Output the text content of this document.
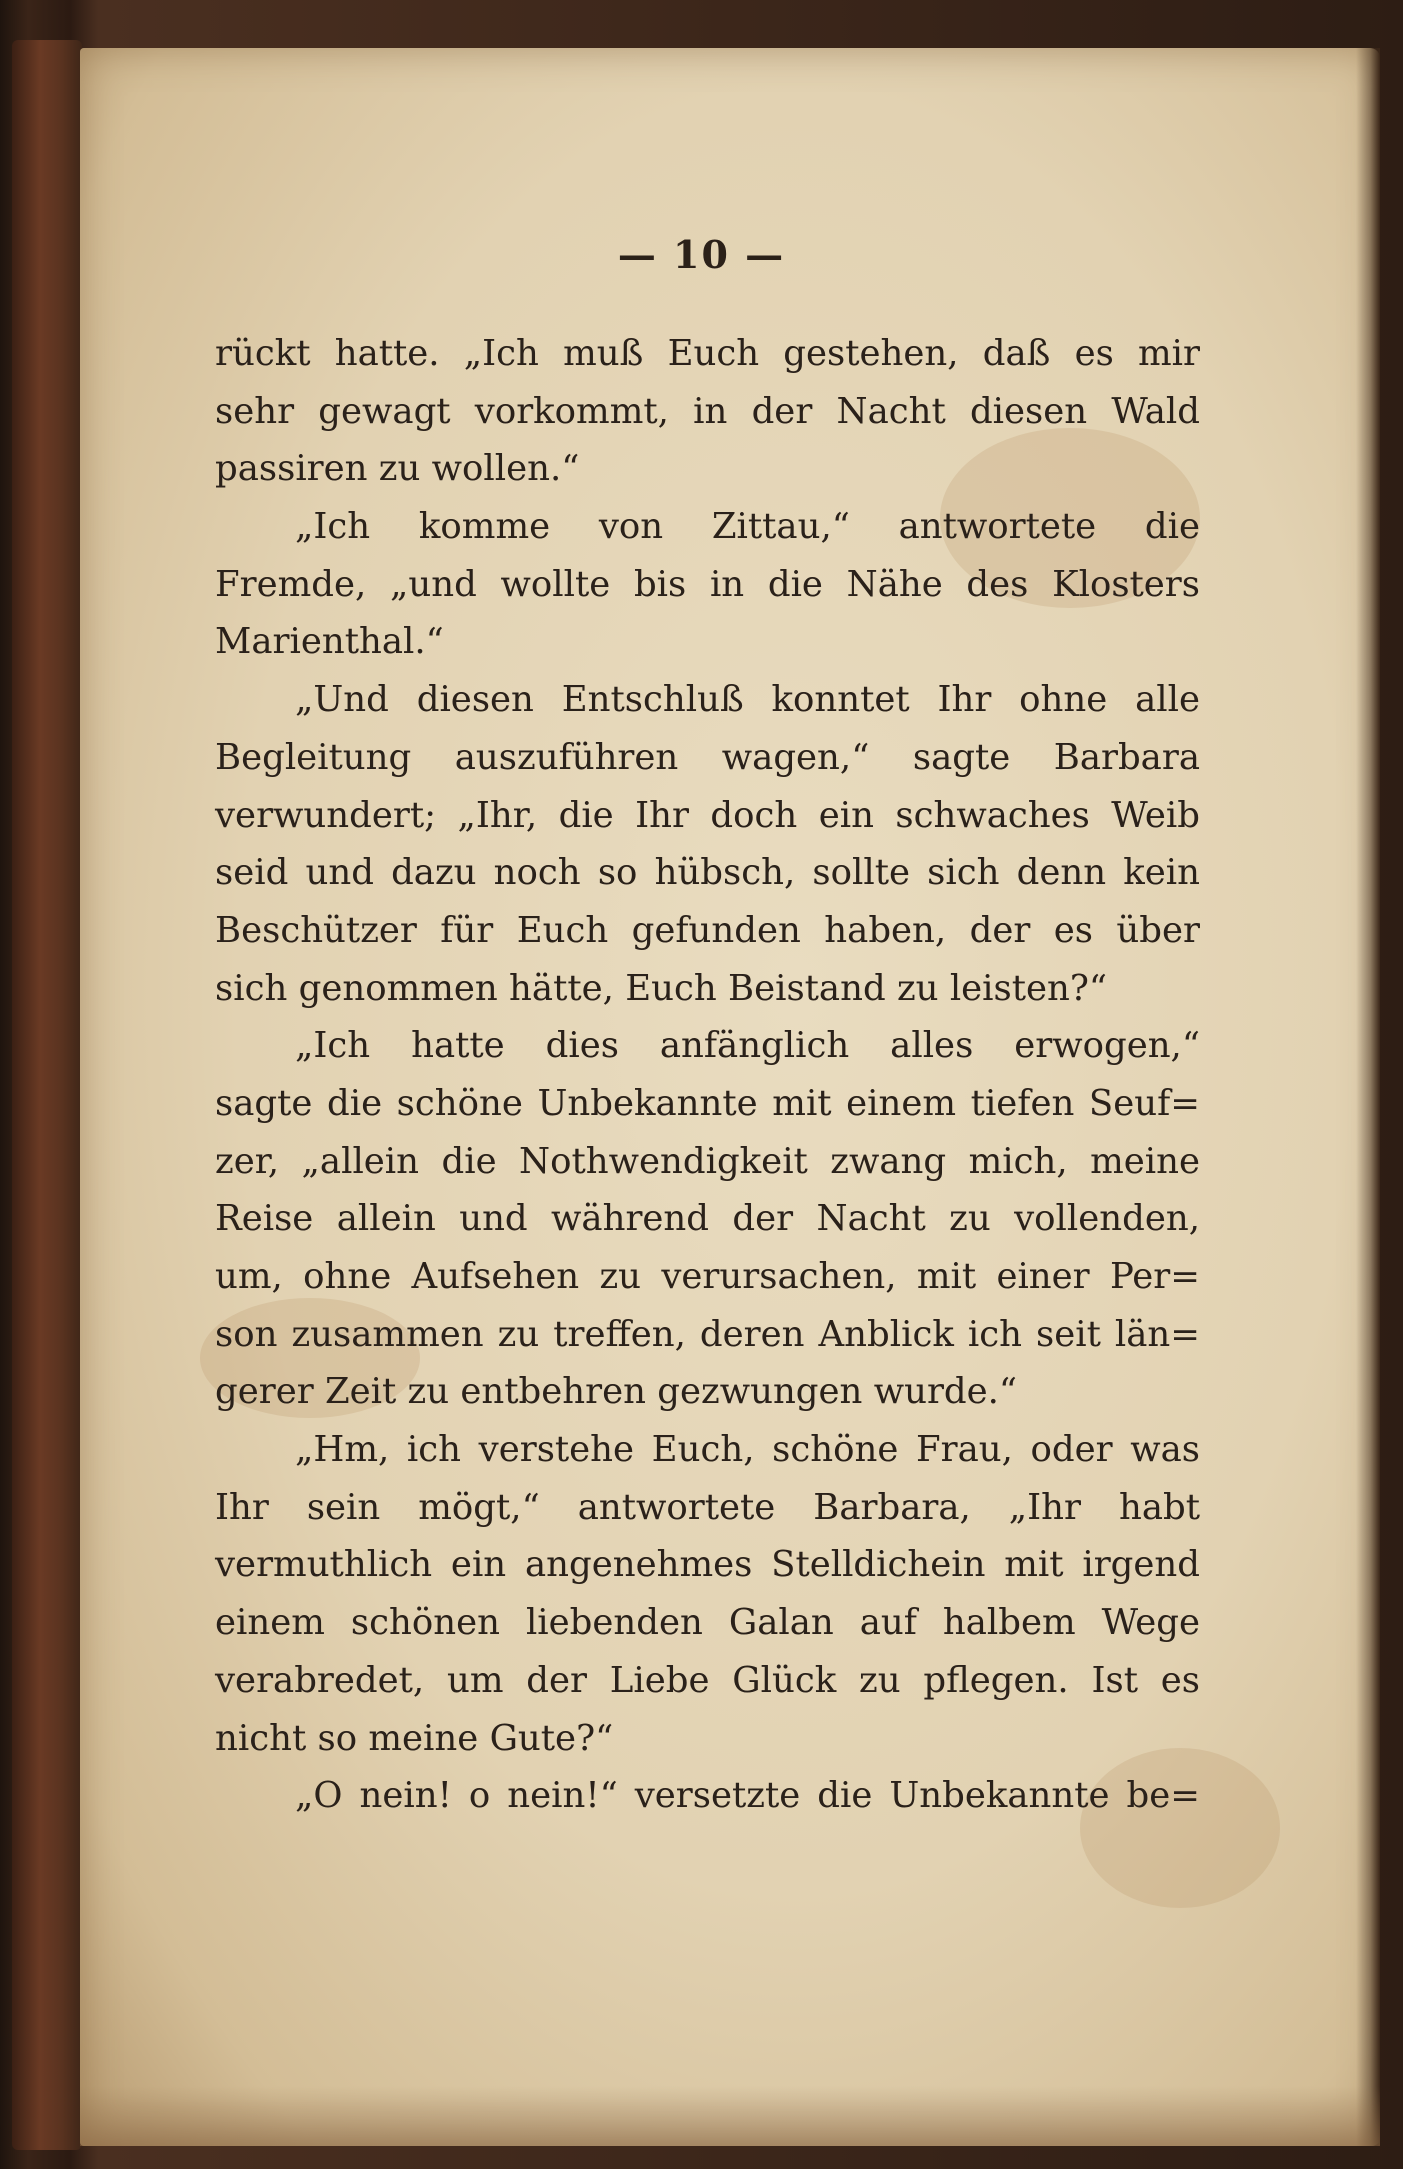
— 10 —
rückt hatte. „Ich muß Euch gestehen, daß es mir
sehr gewagt vorkommt, in der Nacht diesen Wald
passiren zu wollen.“
„Ich komme von Zittau,“ antwortete die
Fremde, „und wollte bis in die Nähe des Klosters
Marienthal.“
„Und diesen Entschluß konntet Ihr ohne alle
Begleitung auszuführen wagen,“ sagte Barbara
verwundert; „Ihr, die Ihr doch ein schwaches Weib
seid und dazu noch so hübsch, sollte sich denn kein
Beschützer für Euch gefunden haben, der es über
sich genommen hätte, Euch Beistand zu leisten?“
„Ich hatte dies anfänglich alles erwogen,“
sagte die schöne Unbekannte mit einem tiefen Seuf=
zer, „allein die Nothwendigkeit zwang mich, meine
Reise allein und während der Nacht zu vollenden,
um, ohne Aufsehen zu verursachen, mit einer Per=
son zusammen zu treffen, deren Anblick ich seit län=
gerer Zeit zu entbehren gezwungen wurde.“
„Hm, ich verstehe Euch, schöne Frau, oder was
Ihr sein mögt,“ antwortete Barbara, „Ihr habt
vermuthlich ein angenehmes Stelldichein mit irgend
einem schönen liebenden Galan auf halbem Wege
verabredet, um der Liebe Glück zu pflegen. Ist es
nicht so meine Gute?“
„O nein! o nein!“ versetzte die Unbekannte be=
